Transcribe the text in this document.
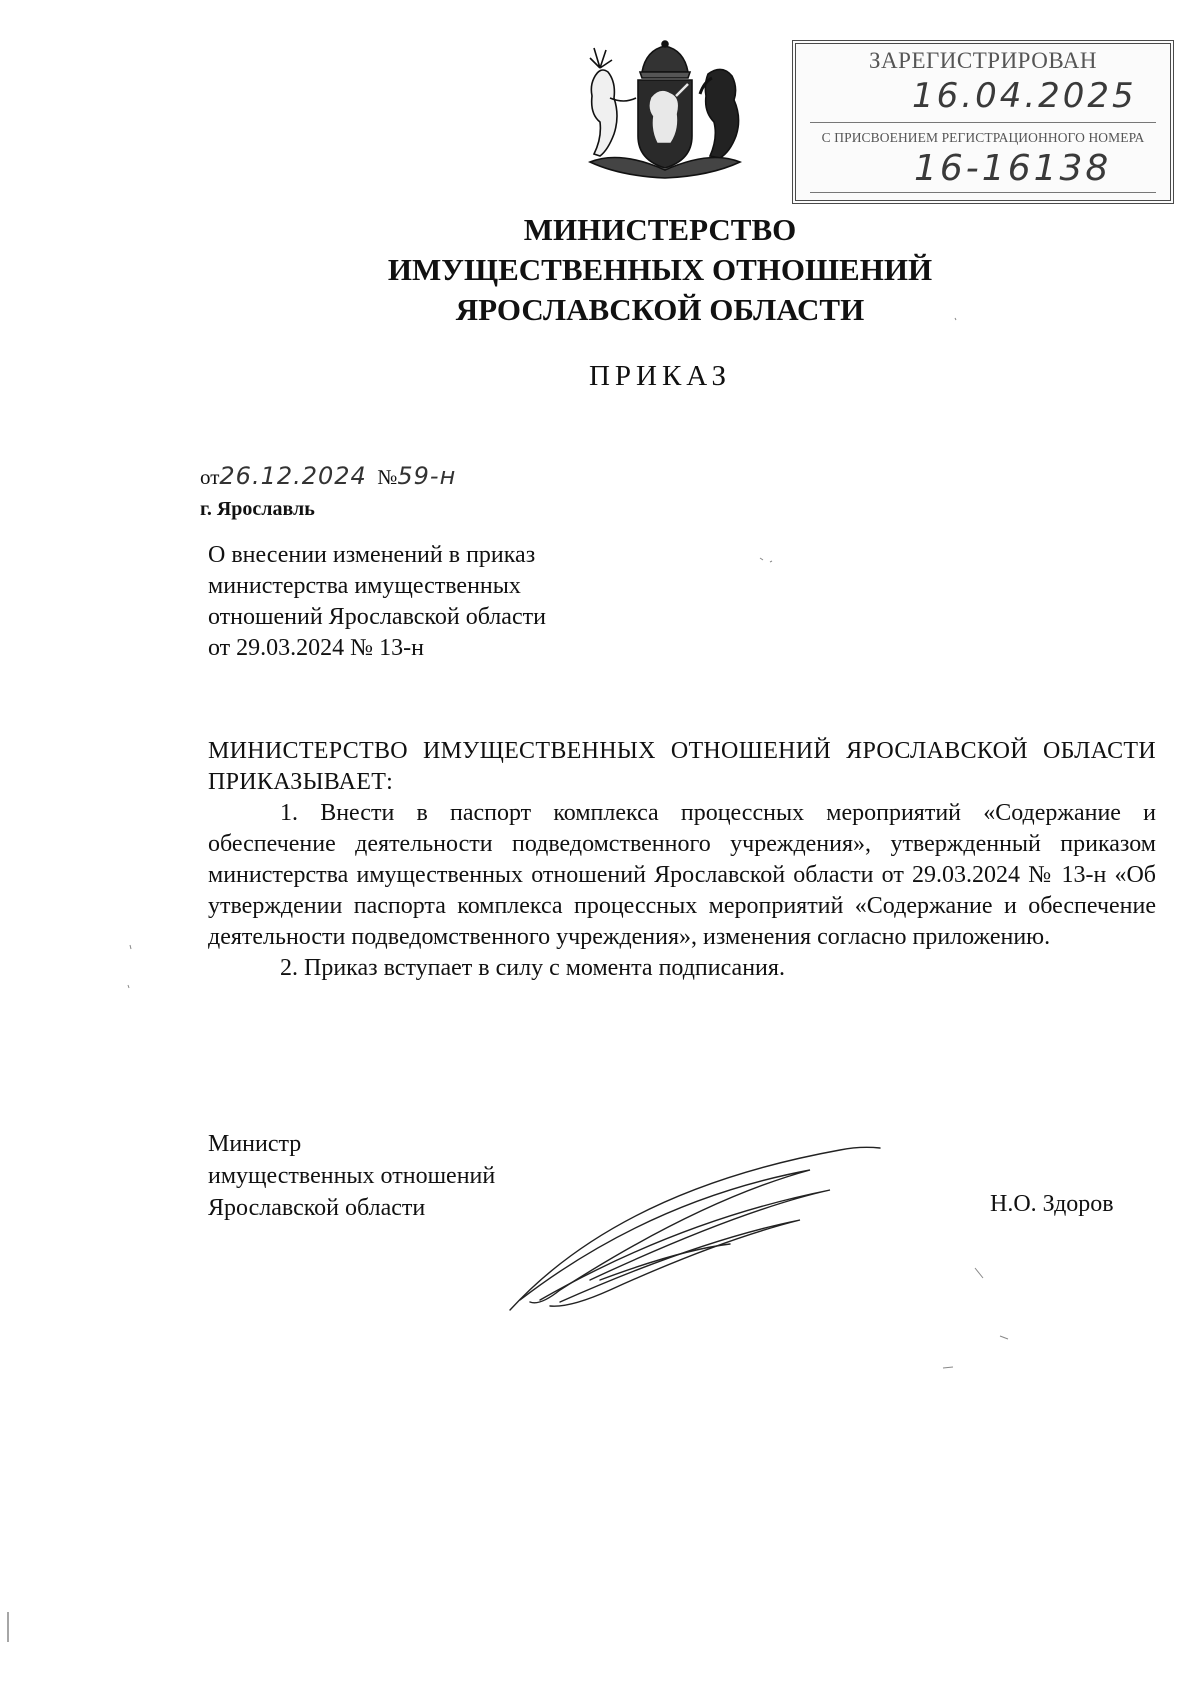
ЗАРЕГИСТРИРОВАН
16.04.2025
С ПРИСВОЕНИЕМ РЕГИСТРАЦИОННОГО НОМЕРА
16-16138
МИНИСТЕРСТВО
ИМУЩЕСТВЕННЫХ ОТНОШЕНИЙ
ЯРОСЛАВСКОЙ ОБЛАСТИ
ПРИКАЗ
от26.12.2024 №59-н
г. Ярославль
О внесении изменений в приказ
министерства имущественных
отношений Ярославской области
от 29.03.2024 № 13-н

МИНИСТЕРСТВО ИМУЩЕСТВЕННЫХ ОТНОШЕНИЙ ЯРОСЛАВСКОЙ ОБЛАСТИ ПРИКАЗЫВАЕТ:

1. Внести в паспорт комплекса процессных мероприятий «Содержание и обеспечение деятельности подведомственного учреждения», утвержденный приказом министерства имущественных отношений Ярославской области от 29.03.2024 № 13-н «Об утверждении паспорта комплекса процессных мероприятий «Содержание и обеспечение деятельности подведомственного учреждения», изменения согласно приложению.

2. Приказ вступает в силу с момента подписания.

Министр
имущественных отношений
Ярославской области	Н.О. Здоров
